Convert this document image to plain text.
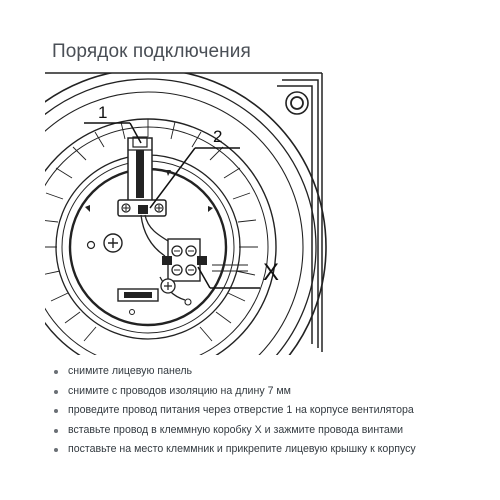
Порядок подключения
1
2
X
снимите лицевую панель
снимите с проводов изоляцию на длину 7 мм
проведите провод питания через отверстие 1 на корпусе вентилятора
вставьте провод в клеммную коробку X и зажмите провода винтами
поставьте на место клеммник и прикрепите лицевую крышку к корпусу
